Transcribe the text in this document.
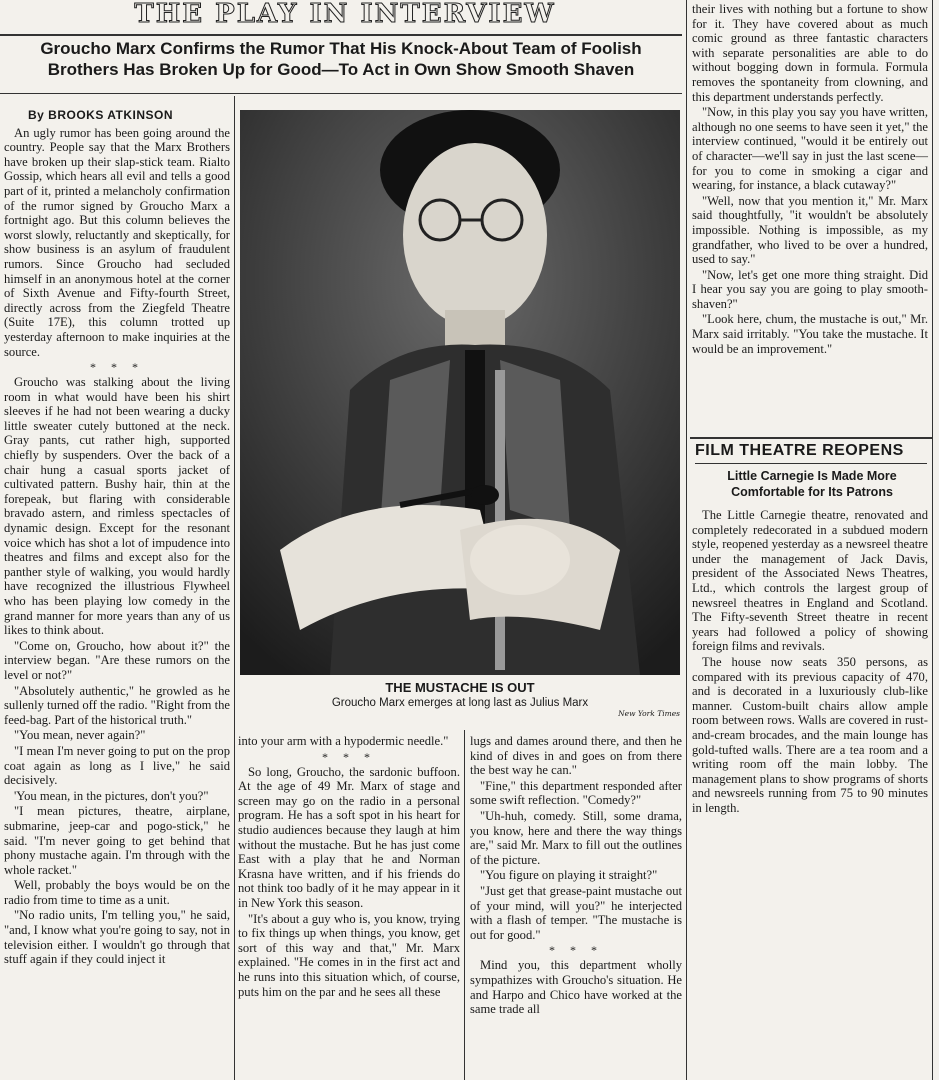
THE PLAY IN INTERVIEW
Groucho Marx Confirms the Rumor That His Knock-About Team of Foolish
Brothers Has Broken Up for Good—To Act in Own Show Smooth Shaven
By BROOKS ATKINSON

An ugly rumor has been going around the country. People say that the Marx Brothers have broken up their slap-stick team. Rialto Gossip, which hears all evil and tells a good part of it, printed a melancholy confirmation of the rumor signed by Groucho Marx a fortnight ago. But this column believes the worst slowly, reluctantly and skeptically, for show business is an asylum of fraudulent rumors. Since Groucho had secluded himself in an anonymous hotel at the corner of Sixth Avenue and Fifty-fourth Street, directly across from the Ziegfeld Theatre (Suite 17E), this column trotted up yesterday afternoon to make inquiries at the source.

* * *

Groucho was stalking about the living room in what would have been his shirt sleeves if he had not been wearing a ducky little sweater cutely buttoned at the neck. Gray pants, cut rather high, supported chiefly by suspenders. Over the back of a chair hung a casual sports jacket of cultivated pattern. Bushy hair, thin at the forepeak, but flaring with considerable bravado astern, and rimless spectacles of dynamic design. Except for the resonant voice which has shot a lot of impudence into theatres and films and except also for the panther style of walking, you would hardly have recognized the illustrious Flywheel who has been playing low comedy in the grand manner for more years than any of us likes to think about.

"Come on, Groucho, how about it?" the interview began. "Are these rumors on the level or not?"

"Absolutely authentic," he growled as he sullenly turned off the radio. "Right from the feed-bag. Part of the historical truth."

"You mean, never again?"

"I mean I'm never going to put on the prop coat again as long as I live," he said decisively.

'You mean, in the pictures, don't you?"

"I mean pictures, theatre, airplane, submarine, jeep-car and pogo-stick," he said. "I'm never going to get behind that phony mustache again. I'm through with the whole racket."

Well, probably the boys would be on the radio from time to time as a unit.

"No radio units, I'm telling you," he said, "and, I know what you're going to say, not in television either. I wouldn't go through that stuff again if they could inject it

THE MUSTACHE IS OUT
Groucho Marx emerges at long last as Julius Marx
New York Times

into your arm with a hypodermic needle."

* * *

So long, Groucho, the sardonic buffoon. At the age of 49 Mr. Marx of stage and screen may go on the radio in a personal program. He has a soft spot in his heart for studio audiences because they laugh at him without the mustache. But he has just come East with a play that he and Norman Krasna have written, and if his friends do not think too badly of it he may appear in it in New York this season.

"It's about a guy who is, you know, trying to fix things up when things, you know, get sort of this way and that," Mr. Marx explained. "He comes in in the first act and he runs into this situation which, of course, puts him on the par and he sees all these

lugs and dames around there, and then he kind of dives in and goes on from there the best way he can."

"Fine," this department responded after some swift reflection. "Comedy?"

"Uh-huh, comedy. Still, some drama, you know, here and there the way things are," said Mr. Marx to fill out the outlines of the picture.

"You figure on playing it straight?"

"Just get that grease-paint mustache out of your mind, will you?" he interjected with a flash of temper. "The mustache is out for good."

* * *

Mind you, this department wholly sympathizes with Groucho's situation. He and Harpo and Chico have worked at the same trade all

their lives with nothing but a fortune to show for it. They have covered about as much comic ground as three fantastic characters with separate personalities are able to do without bogging down in formula. Formula removes the spontaneity from clowning, and this department understands perfectly.

"Now, in this play you say you have written, although no one seems to have seen it yet," the interview continued, "would it be entirely out of character—we'll say in just the last scene—for you to come in smoking a cigar and wearing, for instance, a black cutaway?"

"Well, now that you mention it," Mr. Marx said thoughtfully, "it wouldn't be absolutely impossible. Nothing is impossible, as my grandfather, who lived to be over a hundred, used to say."

"Now, let's get one more thing straight. Did I hear you say you are going to play smooth-shaven?"

"Look here, chum, the mustache is out," Mr. Marx said irritably. "You take the mustache. It would be an improvement."

FILM THEATRE REOPENS
Little Carnegie Is Made More
Comfortable for Its Patrons

The Little Carnegie theatre, renovated and completely redecorated in a subdued modern style, reopened yesterday as a newsreel theatre under the management of Jack Davis, president of the Associated News Theatres, Ltd., which controls the largest group of newsreel theatres in England and Scotland. The Fifty-seventh Street theatre in recent years had followed a policy of showing foreign films and revivals.

The house now seats 350 persons, as compared with its previous capacity of 470, and is decorated in a luxuriously club-like manner. Custom-built chairs allow ample room between rows. Walls are covered in rust-and-cream brocades, and the main lounge has gold-tufted walls. There are a tea room and a writing room off the main lobby. The management plans to show programs of shorts and newsreels running from 75 to 90 minutes in length.
